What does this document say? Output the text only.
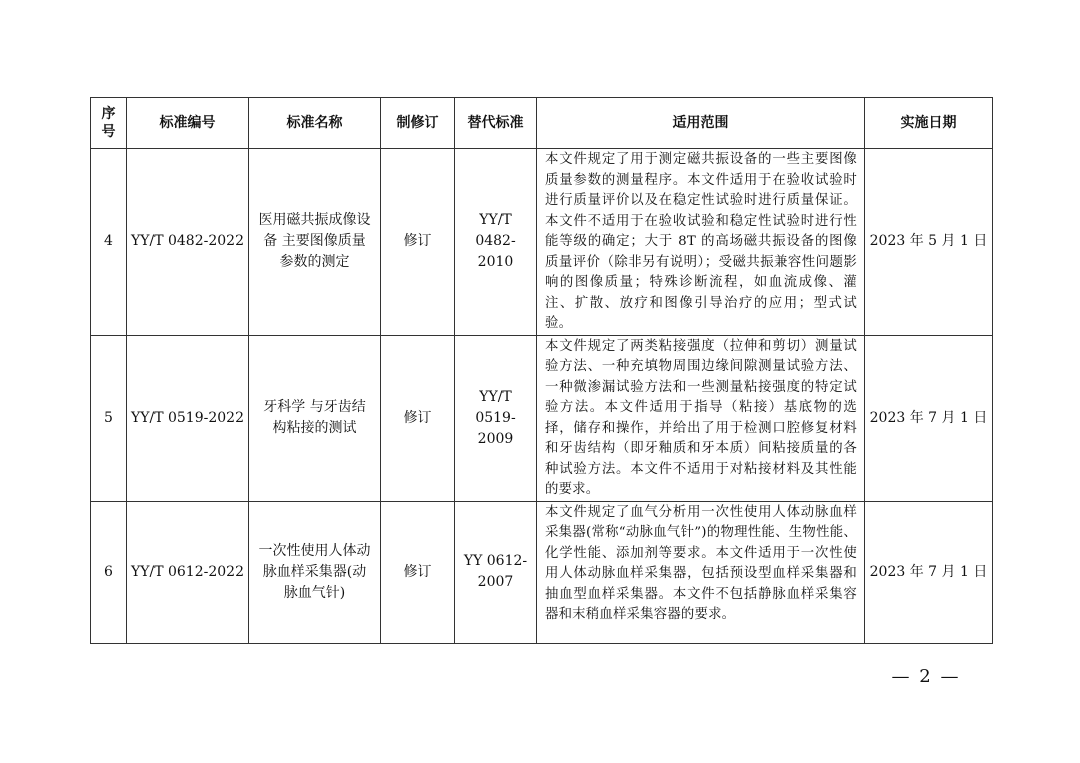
序号	标准编号	标准名称	制修订	替代标准	适用范围	实施日期
4	YY/T 0482-2022	医用磁共振成像设备 主要图像质量参数的测定	修订	YY/T 0482-2010	本文件规定了用于测定磁共振设备的一些主要图像质量参数的测量程序。本文件适用于在验收试验时进行质量评价以及在稳定性试验时进行质量保证。本文件不适用于在验收试验和稳定性试验时进行性能等级的确定；大于 8T 的高场磁共振设备的图像质量评价（除非另有说明）；受磁共振兼容性问题影响的图像质量；特殊诊断流程，如血流成像、灌注、扩散、放疗和图像引导治疗的应用；型式试验。	2023 年 5 月 1 日
5	YY/T 0519-2022	牙科学 与牙齿结构粘接的测试	修订	YY/T 0519-2009	本文件规定了两类粘接强度（拉伸和剪切）测量试验方法、一种充填物周围边缘间隙测量试验方法、一种微渗漏试验方法和一些测量粘接强度的特定试验方法。本文件适用于指导（粘接）基底物的选择，储存和操作，并给出了用于检测口腔修复材料和牙齿结构（即牙釉质和牙本质）间粘接质量的各种试验方法。本文件不适用于对粘接材料及其性能的要求。	2023 年 7 月 1 日
6	YY/T 0612-2022	一次性使用人体动脉血样采集器(动脉血气针)	修订	YY 0612-2007	本文件规定了血气分析用一次性使用人体动脉血样采集器(常称“动脉血气针”)的物理性能、生物性能、化学性能、添加剂等要求。本文件适用于一次性使用人体动脉血样采集器，包括预设型血样采集器和抽血型血样采集器。本文件不包括静脉血样采集容器和末稍血样采集容器的要求。	2023 年 7 月 1 日
— 2 —
